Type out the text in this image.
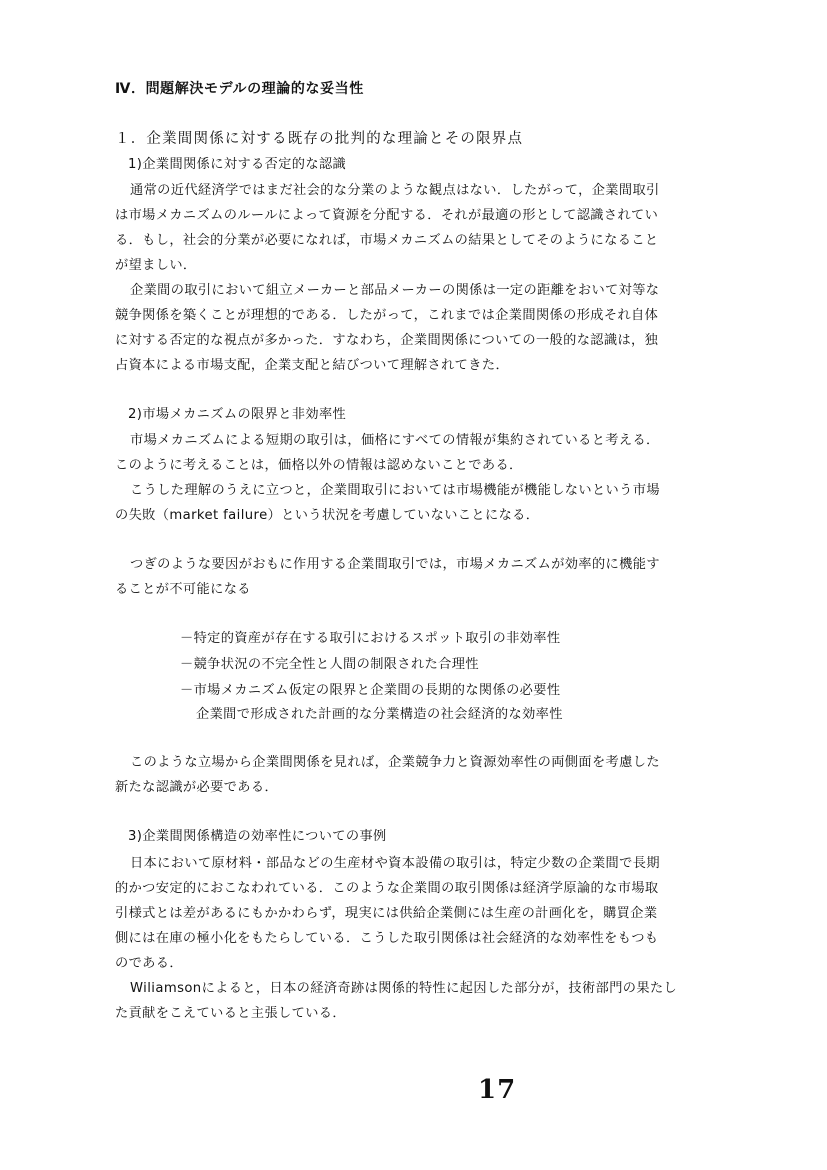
Ⅳ．問題解決モデルの理論的な妥当性
１．企業間関係に対する既存の批判的な理論とその限界点
1)企業間関係に対する否定的な認識
通常の近代経済学ではまだ社会的な分業のような観点はない．したがって，企業間取引
は市場メカニズムのルールによって資源を分配する．それが最適の形として認識されてい
る．もし，社会的分業が必要になれば，市場メカニズムの結果としてそのようになること
が望ましい．
企業間の取引において組立メーカーと部品メーカーの関係は一定の距離をおいて対等な
競争関係を築くことが理想的である．したがって，これまでは企業間関係の形成それ自体
に対する否定的な視点が多かった．すなわち，企業間関係についての一般的な認識は，独
占資本による市場支配，企業支配と結びついて理解されてきた．
2)市場メカニズムの限界と非効率性
市場メカニズムによる短期の取引は，価格にすべての情報が集約されていると考える．
このように考えることは，価格以外の情報は認めないことである．
こうした理解のうえに立つと，企業間取引においては市場機能が機能しないという市場
の失敗（market failure）という状況を考慮していないことになる．
つぎのような要因がおもに作用する企業間取引では，市場メカニズムが効率的に機能す
ることが不可能になる
－特定的資産が存在する取引におけるスポット取引の非効率性
－競争状況の不完全性と人間の制限された合理性
－市場メカニズム仮定の限界と企業間の長期的な関係の必要性
企業間で形成された計画的な分業構造の社会経済的な効率性
このような立場から企業間関係を見れば，企業競争力と資源効率性の両側面を考慮した
新たな認識が必要である．
3)企業間関係構造の効率性についての事例
日本において原材料・部品などの生産材や資本設備の取引は，特定少数の企業間で長期
的かつ安定的におこなわれている．このような企業間の取引関係は経済学原論的な市場取
引様式とは差があるにもかかわらず，現実には供給企業側には生産の計画化を，購買企業
側には在庫の極小化をもたらしている．こうした取引関係は社会経済的な効率性をもつも
のである．
Wiliamsonによると，日本の経済奇跡は関係的特性に起因した部分が，技術部門の果たし
た貢献をこえていると主張している．
17
